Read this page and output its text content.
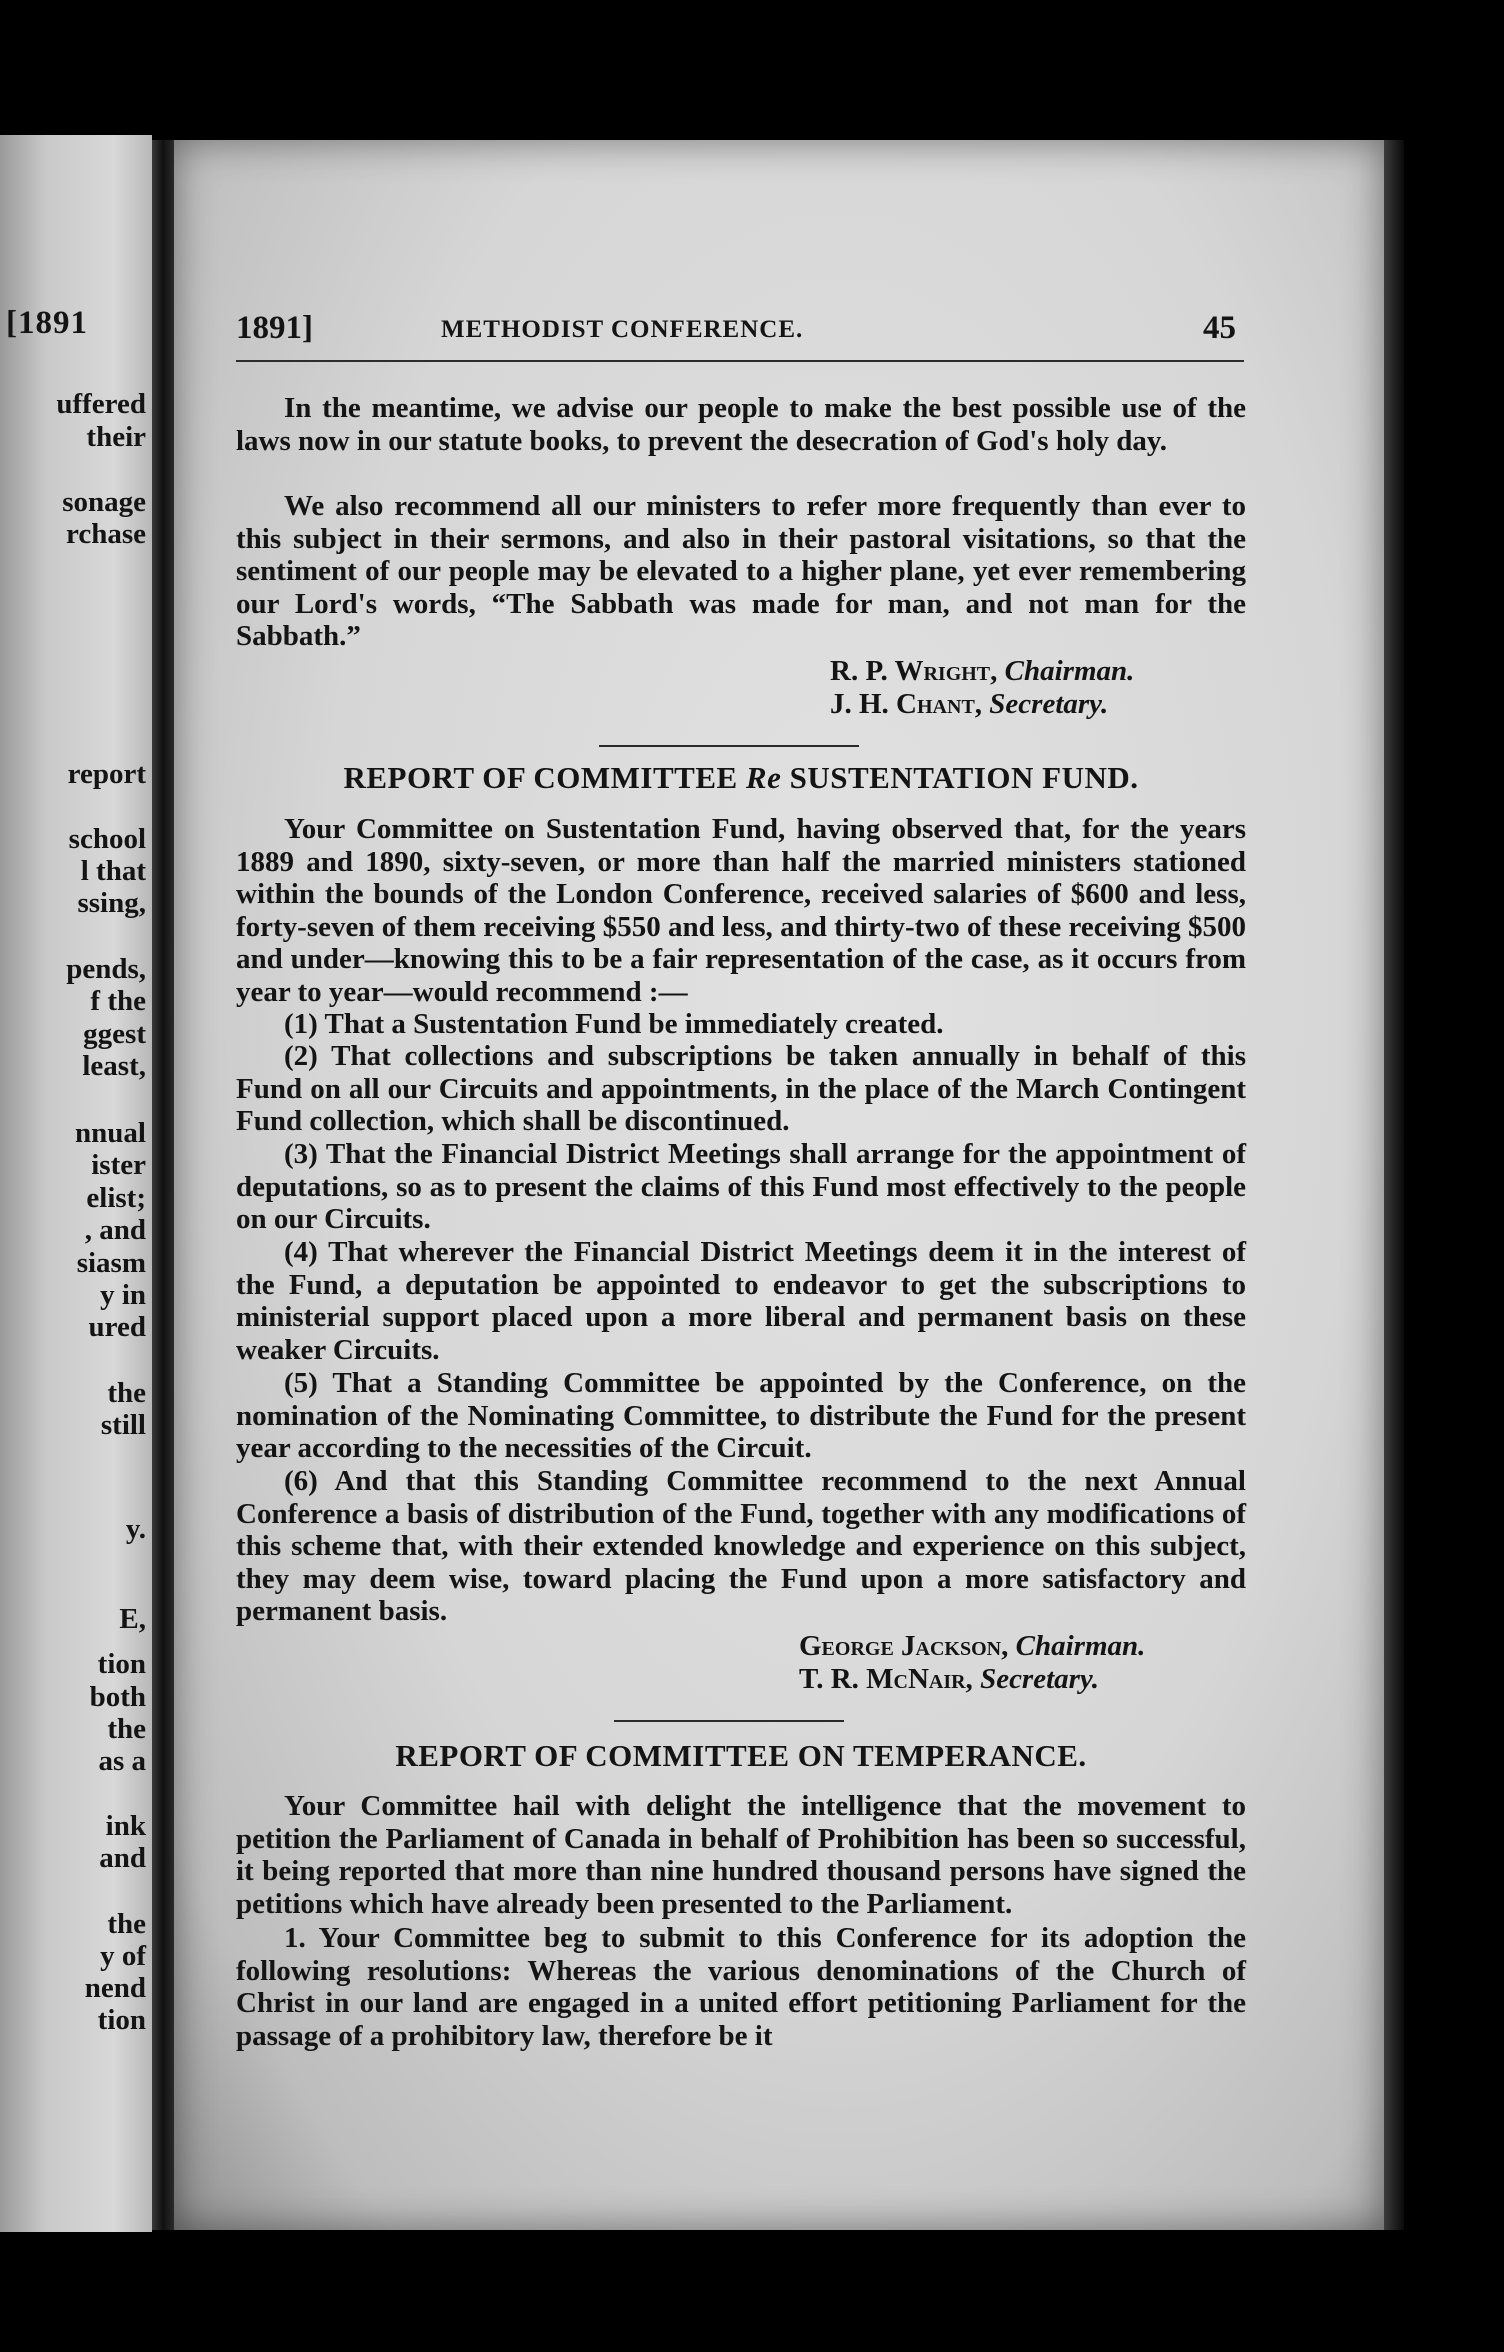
[1891

uffered

their

sonage

rchase

report

school

l that

ssing,

pends,

f the

ggest

least,

nnual

ister

elist;

, and

siasm

y in

ured

the

still

y.

E,

tion

both

the

as a

ink

and

the

y of

nend

tion

1891]	METHODIST CONFERENCE.	45

In the meantime, we advise our people to make the best possible use of the laws now in our statute books, to prevent the desecration of God's holy day.

We also recommend all our ministers to refer more frequently than ever to this subject in their sermons, and also in their pastoral visitations, so that the sentiment of our people may be elevated to a higher plane, yet ever remembering our Lord's words, “The Sabbath was made for man, and not man for the Sabbath.”

R. P. Wright, Chairman.

J. H. Chant, Secretary.

REPORT OF COMMITTEE Re SUSTENTATION FUND.

Your Committee on Sustentation Fund, having observed that, for the years 1889 and 1890, sixty-seven, or more than half the married ministers stationed within the bounds of the London Conference, received salaries of $600 and less, forty-seven of them receiving $550 and less, and thirty-two of these receiving $500 and under—knowing this to be a fair representation of the case, as it occurs from year to year—would recommend :—

(1) That a Sustentation Fund be immediately created.

(2) That collections and subscriptions be taken annually in behalf of this Fund on all our Circuits and appointments, in the place of the March Contingent Fund collection, which shall be discontinued.

(3) That the Financial District Meetings shall arrange for the appointment of deputations, so as to present the claims of this Fund most effectively to the people on our Circuits.

(4) That wherever the Financial District Meetings deem it in the interest of the Fund, a deputation be appointed to endeavor to get the subscriptions to ministerial support placed upon a more liberal and permanent basis on these weaker Circuits.

(5) That a Standing Committee be appointed by the Conference, on the nomination of the Nominating Committee, to distribute the Fund for the present year according to the necessities of the Circuit.

(6) And that this Standing Committee recommend to the next Annual Conference a basis of distribution of the Fund, together with any modifications of this scheme that, with their extended knowledge and experience on this subject, they may deem wise, toward placing the Fund upon a more satisfactory and permanent basis.

George Jackson, Chairman.

T. R. McNair, Secretary.

REPORT OF COMMITTEE ON TEMPERANCE.

Your Committee hail with delight the intelligence that the movement to petition the Parliament of Canada in behalf of Prohibition has been so successful, it being reported that more than nine hundred thousand persons have signed the petitions which have already been presented to the Parliament.

1. Your Committee beg to submit to this Conference for its adoption the following resolutions: Whereas the various denominations of the Church of Christ in our land are engaged in a united effort petitioning Parliament for the passage of a prohibitory law, therefore be it
